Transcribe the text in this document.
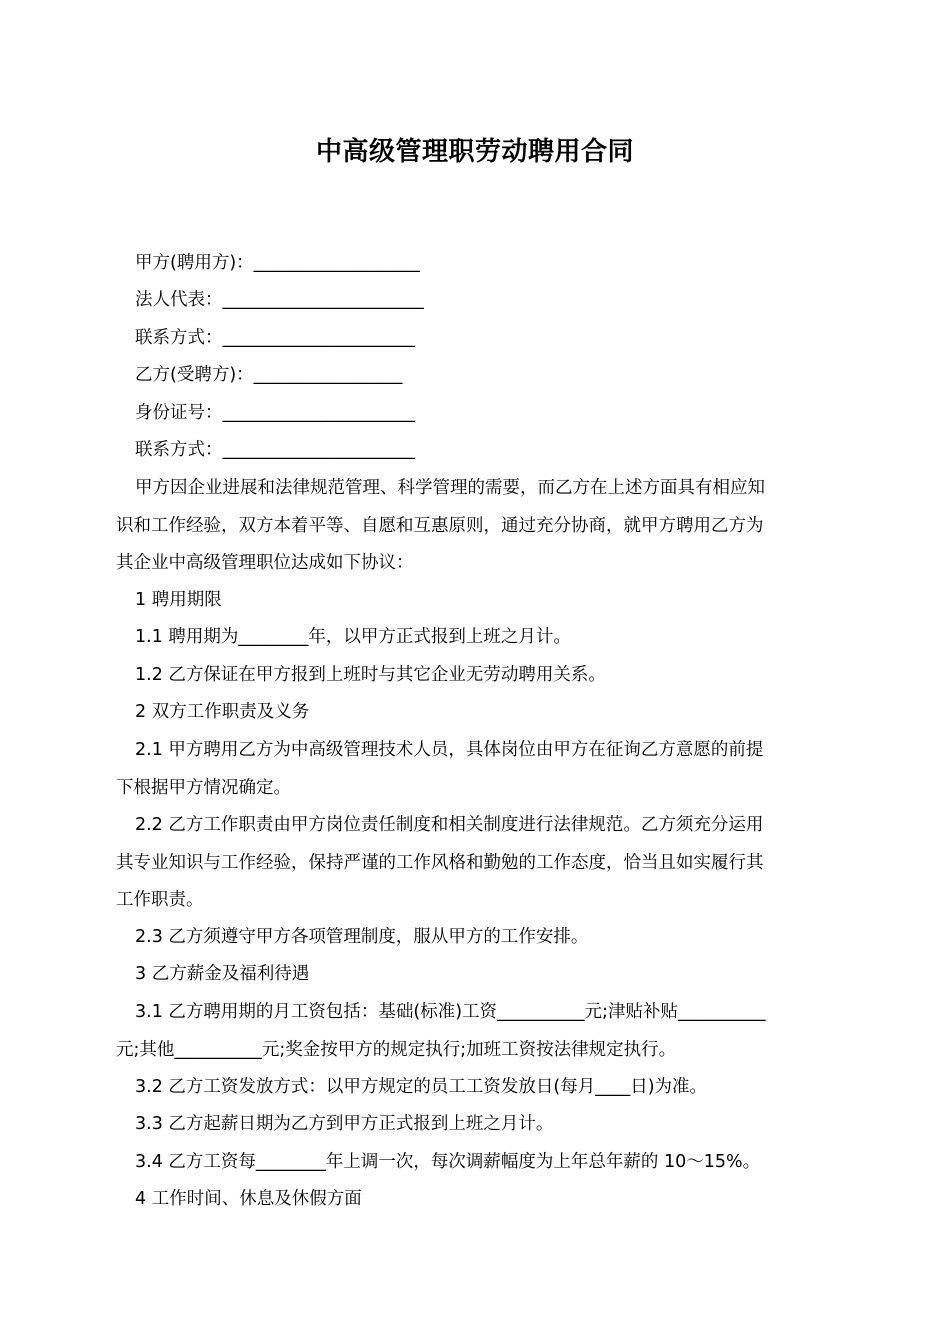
中高级管理职劳动聘用合同
甲方(聘用方)：___________________
法人代表：_______________________
联系方式：______________________
乙方(受聘方)：_________________
身份证号：______________________
联系方式：______________________
甲方因企业进展和法律规范管理、科学管理的需要，而乙方在上述方面具有相应知
识和工作经验，双方本着平等、自愿和互惠原则，通过充分协商，就甲方聘用乙方为
其企业中高级管理职位达成如下协议：
1 聘用期限
1.1 聘用期为________年，以甲方正式报到上班之月计。
1.2 乙方保证在甲方报到上班时与其它企业无劳动聘用关系。
2 双方工作职责及义务
2.1 甲方聘用乙方为中高级管理技术人员，具体岗位由甲方在征询乙方意愿的前提
下根据甲方情况确定。
2.2 乙方工作职责由甲方岗位责任制度和相关制度进行法律规范。乙方须充分运用
其专业知识与工作经验，保持严谨的工作风格和勤勉的工作态度，恰当且如实履行其
工作职责。
2.3 乙方须遵守甲方各项管理制度，服从甲方的工作安排。
3 乙方薪金及福利待遇
3.1 乙方聘用期的月工资包括：基础(标准)工资__________元;津贴补贴__________
元;其他__________元;奖金按甲方的规定执行;加班工资按法律规定执行。
3.2 乙方工资发放方式：以甲方规定的员工工资发放日(每月____日)为准。
3.3 乙方起薪日期为乙方到甲方正式报到上班之月计。
3.4 乙方工资每________年上调一次，每次调薪幅度为上年总年薪的 10～15%。
4 工作时间、休息及休假方面
